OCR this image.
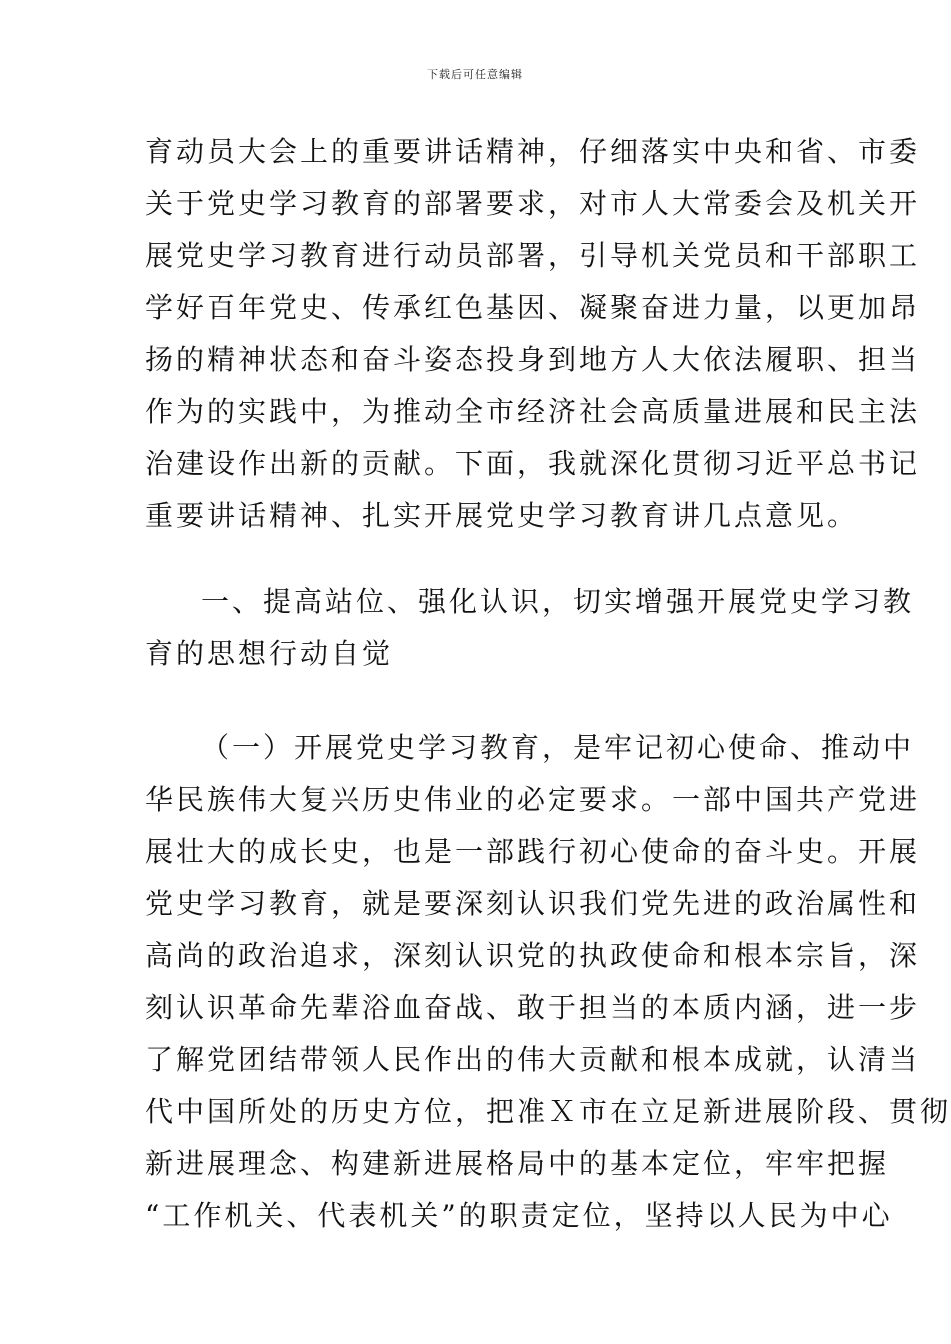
下载后可任意编辑
育动员大会上的重要讲话精神，仔细落实中央和省、市委
关于党史学习教育的部署要求，对市人大常委会及机关开
展党史学习教育进行动员部署，引导机关党员和干部职工
学好百年党史、传承红色基因、凝聚奋进力量，以更加昂
扬的精神状态和奋斗姿态投身到地方人大依法履职、担当
作为的实践中，为推动全市经济社会高质量进展和民主法
治建设作出新的贡献。下面，我就深化贯彻习近平总书记
重要讲话精神、扎实开展党史学习教育讲几点意见。
一、提高站位、强化认识，切实增强开展党史学习教
育的思想行动自觉
（一）开展党史学习教育，是牢记初心使命、推动中
华民族伟大复兴历史伟业的必定要求。一部中国共产党进
展壮大的成长史，也是一部践行初心使命的奋斗史。开展
党史学习教育，就是要深刻认识我们党先进的政治属性和
高尚的政治追求，深刻认识党的执政使命和根本宗旨，深
刻认识革命先辈浴血奋战、敢于担当的本质内涵，进一步
了解党团结带领人民作出的伟大贡献和根本成就，认清当
代中国所处的历史方位，把准Ｘ市在立足新进展阶段、贯彻
新进展理念、构建新进展格局中的基本定位，牢牢把握
“工作机关、代表机关”的职责定位，坚持以人民为中心
